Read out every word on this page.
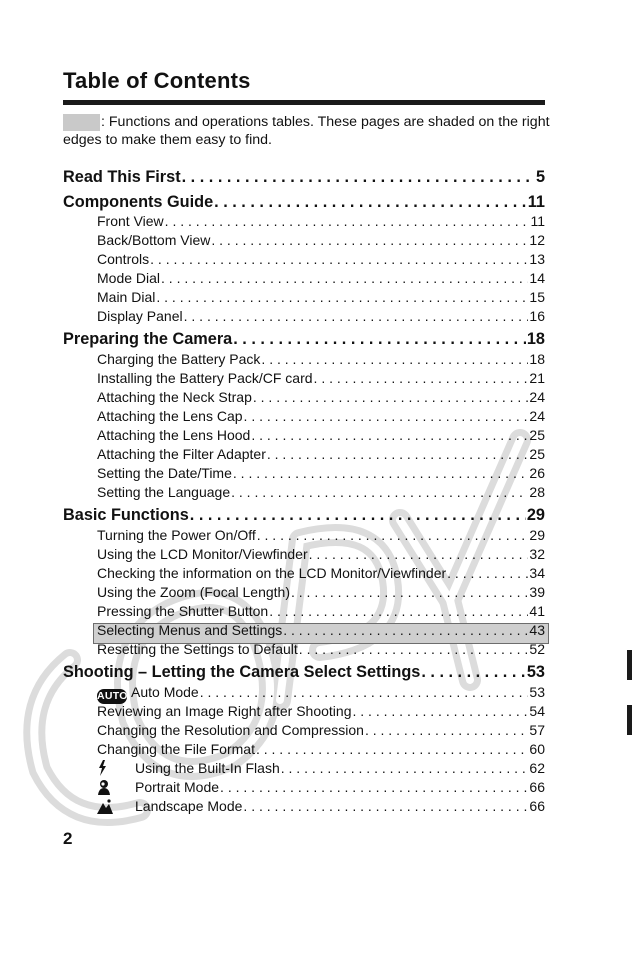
Table of Contents
: Functions and operations tables. These pages are shaded on the right edges to make them easy to find.
Read This First . . .	5
Components Guide . . .	11
Front View . . .	11
Back/Bottom View . . .	12
Controls . . .	13
Mode Dial . . .	14
Main Dial . . .	15
Display Panel . . .	16
Preparing the Camera . . .	18
Charging the Battery Pack . . .	18
Installing the Battery Pack/CF card . . .	21
Attaching the Neck Strap . . .	24
Attaching the Lens Cap . . .	24
Attaching the Lens Hood . . .	25
Attaching the Filter Adapter . . .	25
Setting the Date/Time . . .	26
Setting the Language . . .	28
Basic Functions . . .	29
Turning the Power On/Off . . .	29
Using the LCD Monitor/Viewfinder . . .	32
Checking the information on the LCD Monitor/Viewfinder . . .	34
Using the Zoom (Focal Length) . . .	39
Pressing the Shutter Button . . .	41
Selecting Menus and Settings . . .	43
Resetting the Settings to Default . . .	52
Shooting – Letting the Camera Select Settings . . .	53
AUTO Auto Mode . . .	53
Reviewing an Image Right after Shooting . . .	54
Changing the Resolution and Compression . . .	57
Changing the File Format . . .	60
Using the Built-In Flash . . .	62
Portrait Mode . . .	66
Landscape Mode . . .	66
2
